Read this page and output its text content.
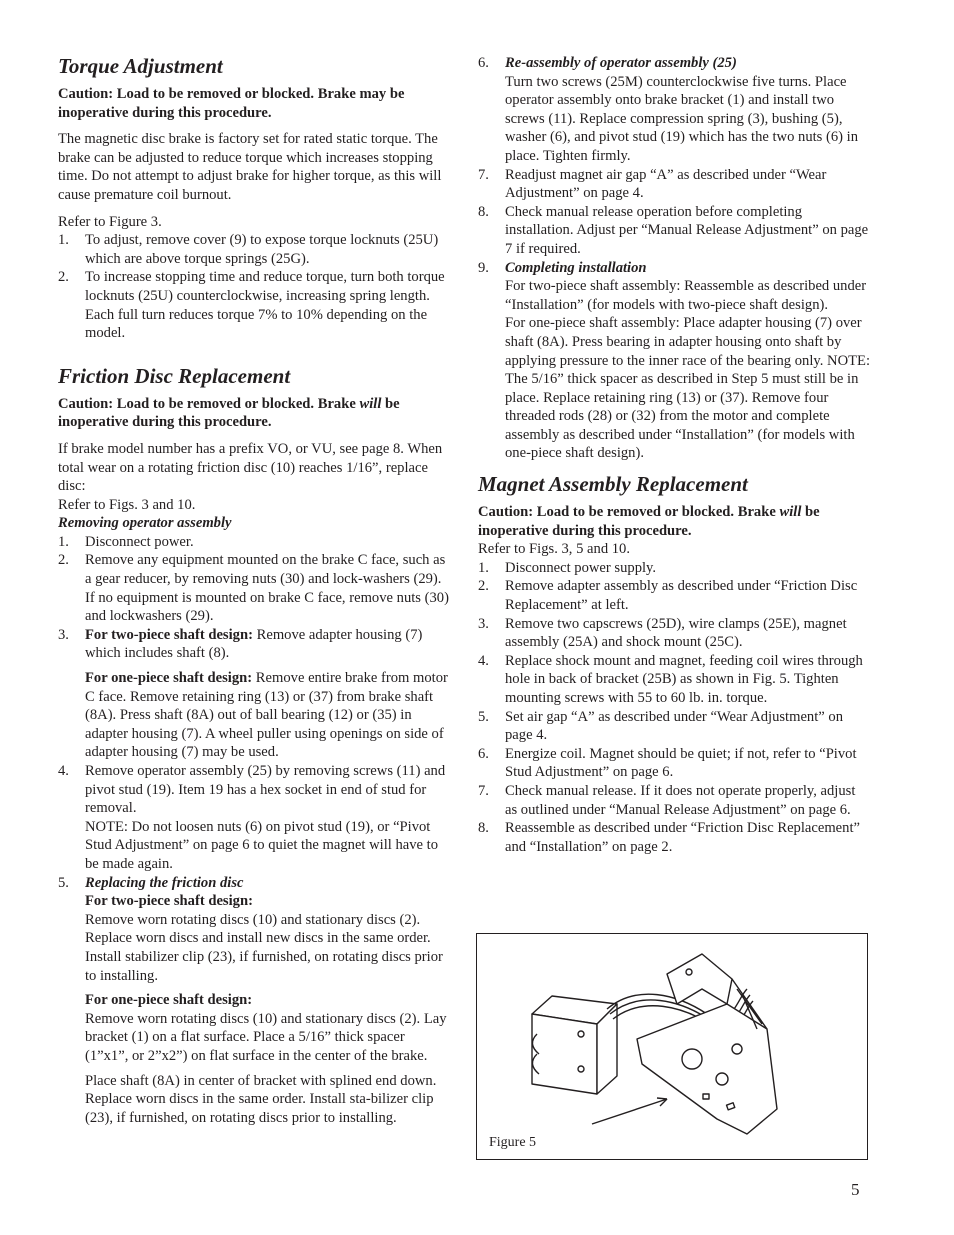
Torque Adjustment

Caution: Load to be removed or blocked. Brake may be inoperative during this procedure.

The magnetic disc brake is factory set for rated static torque. The brake can be adjusted to reduce torque which increases stopping time. Do not attempt to adjust brake for higher torque, as this will cause premature coil burnout.

Refer to Figure 3.

1. To adjust, remove cover (9) to expose torque locknuts (25U) which are above torque springs (25G).
2. To increase stopping time and reduce torque, turn both torque locknuts (25U) counterclockwise, increasing spring length. Each full turn reduces torque 7% to 10% depending on the model.
Friction Disc Replacement

Caution: Load to be removed or blocked. Brake will be inoperative during this procedure.

If brake model number has a prefix VO, or VU, see page 8. When total wear on a rotating friction disc (10) reaches 1/16”, replace disc:

Refer to Figs. 3 and 10.

Removing operator assembly

1. Disconnect power.
2. Remove any equipment mounted on the brake C face, such as a gear reducer, by removing nuts (30) and lock-washers (29). If no equipment is mounted on brake C face, remove nuts (30) and lockwashers (29).
3. For two-piece shaft design: Remove adapter housing (7) which includes shaft (8).
For one-piece shaft design: Remove entire brake from motor C face. Remove retaining ring (13) or (37) from brake shaft (8A). Press shaft (8A) out of ball bearing (12) or (35) in adapter housing (7). A wheel puller using openings on side of adapter housing (7) may be used.
4. Remove operator assembly (25) by removing screws (11) and pivot stud (19). Item 19 has a hex socket in end of stud for removal.

NOTE: Do not loosen nuts (6) on pivot stud (19), or “Pivot Stud Adjustment” on page 6 to quiet the magnet will have to be made again.

5. Replacing the friction disc

For two-piece shaft design:

Remove worn rotating discs (10) and stationary discs (2). Replace worn discs and install new discs in the same order. Install stabilizer clip (23), if furnished, on rotating discs prior to installing.

For one-piece shaft design:

Remove worn rotating discs (10) and stationary discs (2). Lay bracket (1) on a flat surface. Place a 5/16” thick spacer (1”x1”, or 2”x2”) on flat surface in the center of the brake.

Place shaft (8A) in center of bracket with splined end down. Replace worn discs in the same order. Install sta-bilizer clip (23), if furnished, on rotating discs prior to installing.

6. Re-assembly of operator assembly (25)

Turn two screws (25M) counterclockwise five turns. Place operator assembly onto brake bracket (1) and install two screws (11). Replace compression spring (3), bushing (5), washer (6), and pivot stud (19) which has the two nuts (6) in place. Tighten firmly.

7. Readjust magnet air gap “A” as described under “Wear Adjustment” on page 4.
8. Check manual release operation before completing installation. Adjust per “Manual Release Adjustment” on page 7 if required.
9. Completing installation

For two-piece shaft assembly: Reassemble as described under “Installation” (for models with two-piece shaft design).

For one-piece shaft assembly: Place adapter housing (7) over shaft (8A). Press bearing in adapter housing onto shaft by applying pressure to the inner race of the bearing only. NOTE: The 5/16” thick spacer as described in Step 5 must still be in place. Replace retaining ring (13) or (37). Remove four threaded rods (28) or (32) from the motor and complete assembly as described under “Installation” (for models with one-piece shaft design).

Magnet Assembly Replacement

Caution: Load to be removed or blocked. Brake will be inoperative during this procedure.

Refer to Figs. 3, 5 and 10.

1. Disconnect power supply.
2. Remove adapter assembly as described under “Friction Disc Replacement” at left.
3. Remove two capscrews (25D), wire clamps (25E), magnet assembly (25A) and shock mount (25C).
4. Replace shock mount and magnet, feeding coil wires through hole in back of bracket (25B) as shown in Fig. 5. Tighten mounting screws with 55 to 60 lb. in. torque.
5. Set air gap “A” as described under “Wear Adjustment” on page 4.
6. Energize coil. Magnet should be quiet; if not, refer to “Pivot Stud Adjustment” on page 6.
7. Check manual release. If it does not operate properly, adjust as outlined under “Manual Release Adjustment” on page 6.
8. Reassemble as described under “Friction Disc Replacement” and “Installation” on page 2.
Figure 5
5
